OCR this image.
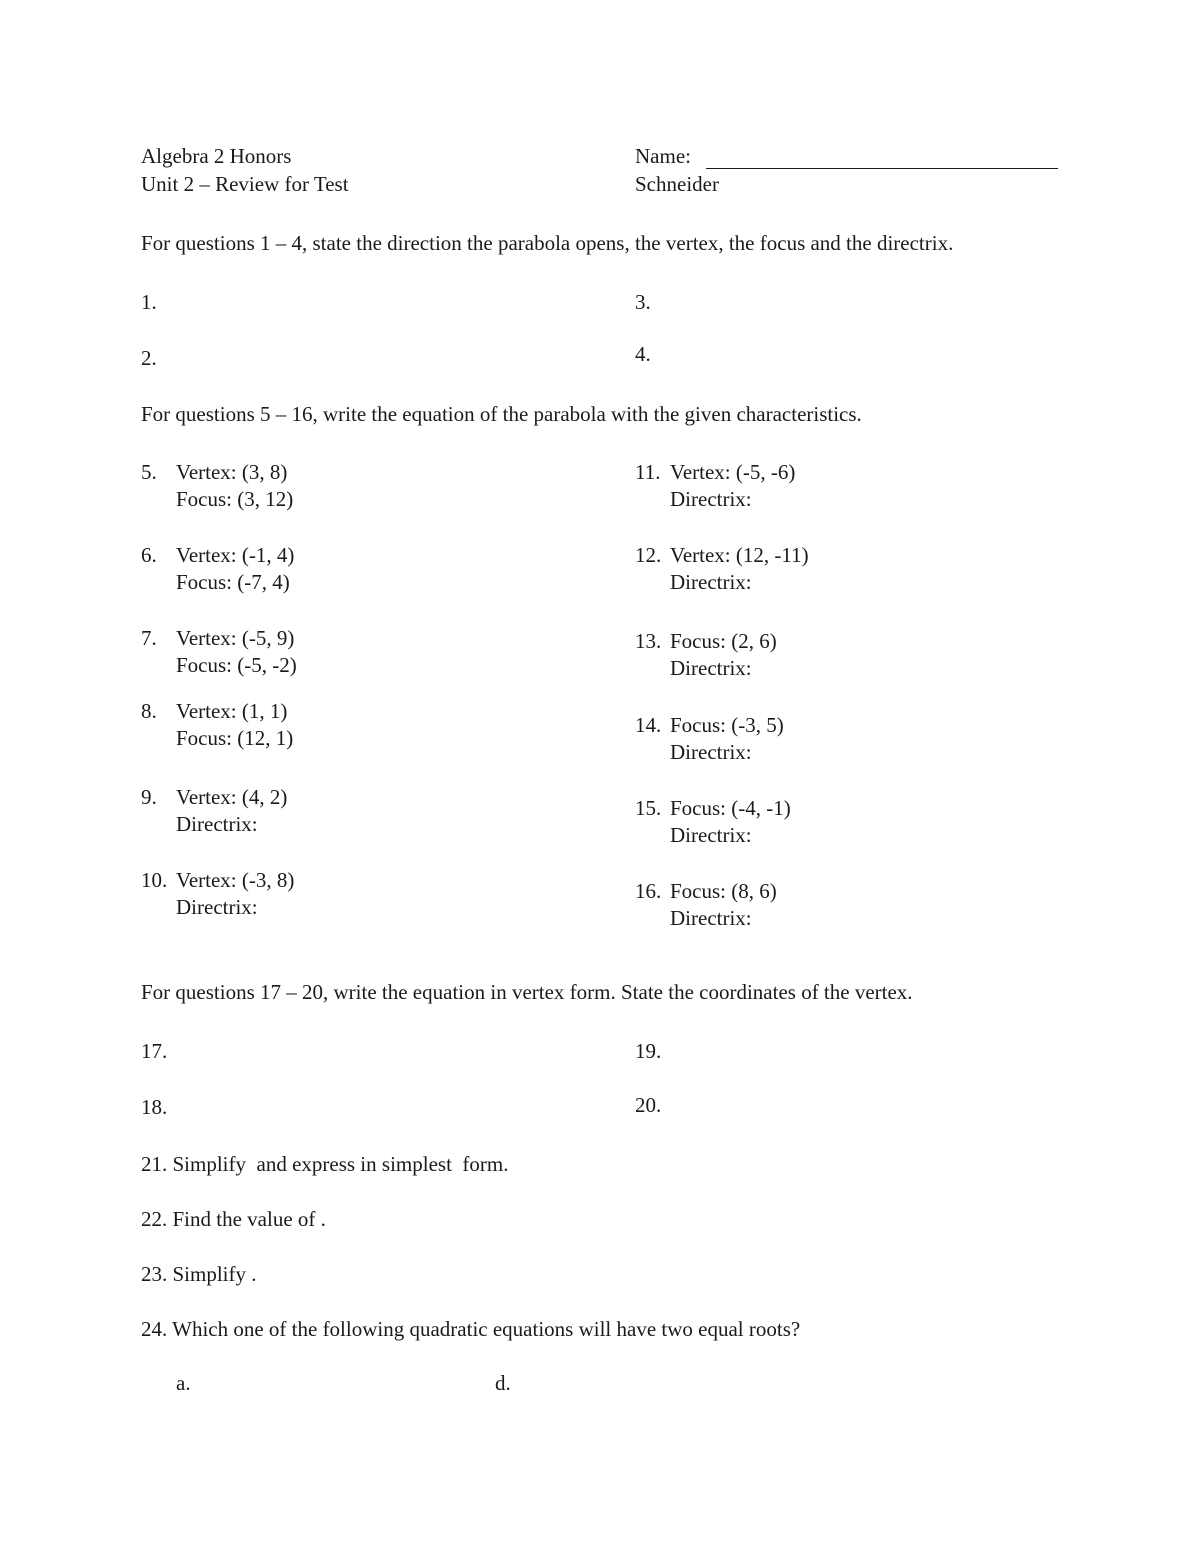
Algebra 2 Honors
Unit 2 – Review for Test
Name:
Schneider
For questions 1 – 4, state the direction the parabola opens, the vertex, the focus and the directrix.
1.
2.
3.
4.
For questions 5 – 16, write the equation of the parabola with the given characteristics.
5. Vertex: (3, 8)
Focus: (3, 12)
6. Vertex: (-1, 4)
Focus: (-7, 4)
7. Vertex: (-5, 9)
Focus: (-5, -2)
8. Vertex: (1, 1)
Focus: (12, 1)
9. Vertex: (4, 2)
Directrix:
10. Vertex: (-3, 8)
Directrix:
11. Vertex: (-5, -6)
Directrix:
12. Vertex: (12, -11)
Directrix:
13. Focus: (2, 6)
Directrix:
14. Focus: (-3, 5)
Directrix:
15. Focus: (-4, -1)
Directrix:
16. Focus: (8, 6)
Directrix:
For questions 17 – 20, write the equation in vertex form. State the coordinates of the vertex.
17.
18.
19.
20.
21. Simplify  and express in simplest  form.
22. Find the value of .
23. Simplify .
24. Which one of the following quadratic equations will have two equal roots?
a.	d.
